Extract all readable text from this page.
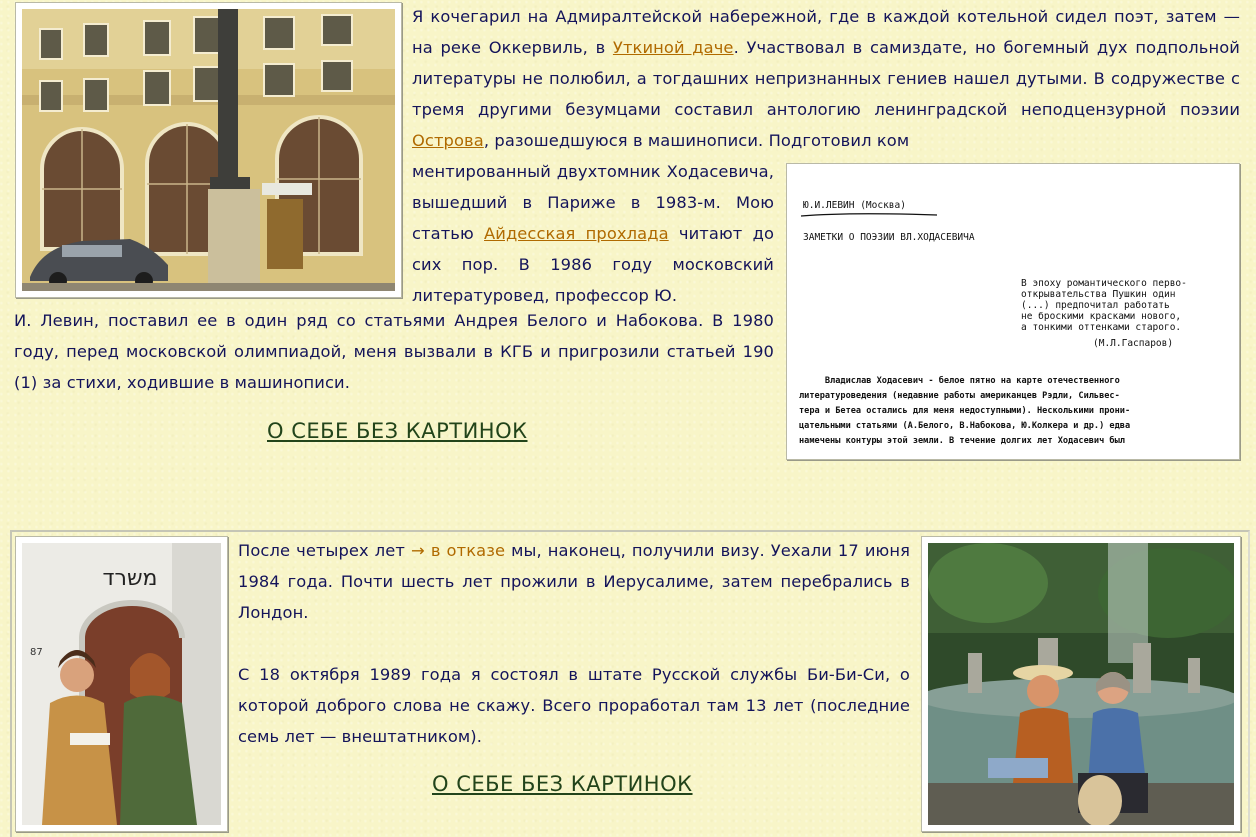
Я кочегарил на Адмиралтейской набережной, где в каждой котельной сидел поэт, затем — на реке Оккервиль, в Уткиной даче. Участвовал в самиздате, но богемный дух подпольной литературы не полюбил, а тогдашних непризнанных гениев нашел дутыми. В содружестве с тремя другими безумцами составил антологию ленинградской неподцензурной поэзии Острова, разошедшуюся в машинописи. Подготовил ком

ментированный двухтомник Ходасевича, вышедший в Париже в 1983-м. Мою статью Айдесская прохлада читают до сих пор. В 1986 году московский литературовед, профессор Ю.

И. Левин, поставил ее в один ряд со статьями Андрея Белого и Набокова. В 1980 году, перед московской олимпиадой, меня вызвали в КГБ и пригрозили статьей 190 (1) за стихи, ходившие в машинописи.

О СЕБЕ БЕЗ КАРТИНОК
Ю.И.ЛЕВИН (Москва)
ЗАМЕТКИ О ПОЭЗИИ ВЛ.ХОДАСЕВИЧА
В эпоху романтического перво-
открывательства Пушкин один
(...) предпочитал работать
не брoскими красками нового,
а тонкими оттенками старого.
(М.Л.Гаспаров)
Владислав Ходасевич - белое пятно на карте отечественного
литературоведения (недавние работы американцев Рэдли, Сильвес-
тера и Бетеа остались для меня недоступными). Несколькими прони-
цательными статьями (А.Белого, В.Набокова, Ю.Колкера и др.) едва
намечены контуры этой земли. В течение долгих лет Ходасевич был
משרד
87

После четырех лет → в отказе мы, наконец, получили визу. Уехали 17 июня 1984 года. Почти шесть лет прожили в Иерусалиме, затем перебрались в Лондон.

С 18 октября 1989 года я состоял в штате Русской службы Би-Би-Си, о которой доброго слова не скажу. Всего проработал там 13 лет (последние семь лет — внештатником).

О СЕБЕ БЕЗ КАРТИНОК
